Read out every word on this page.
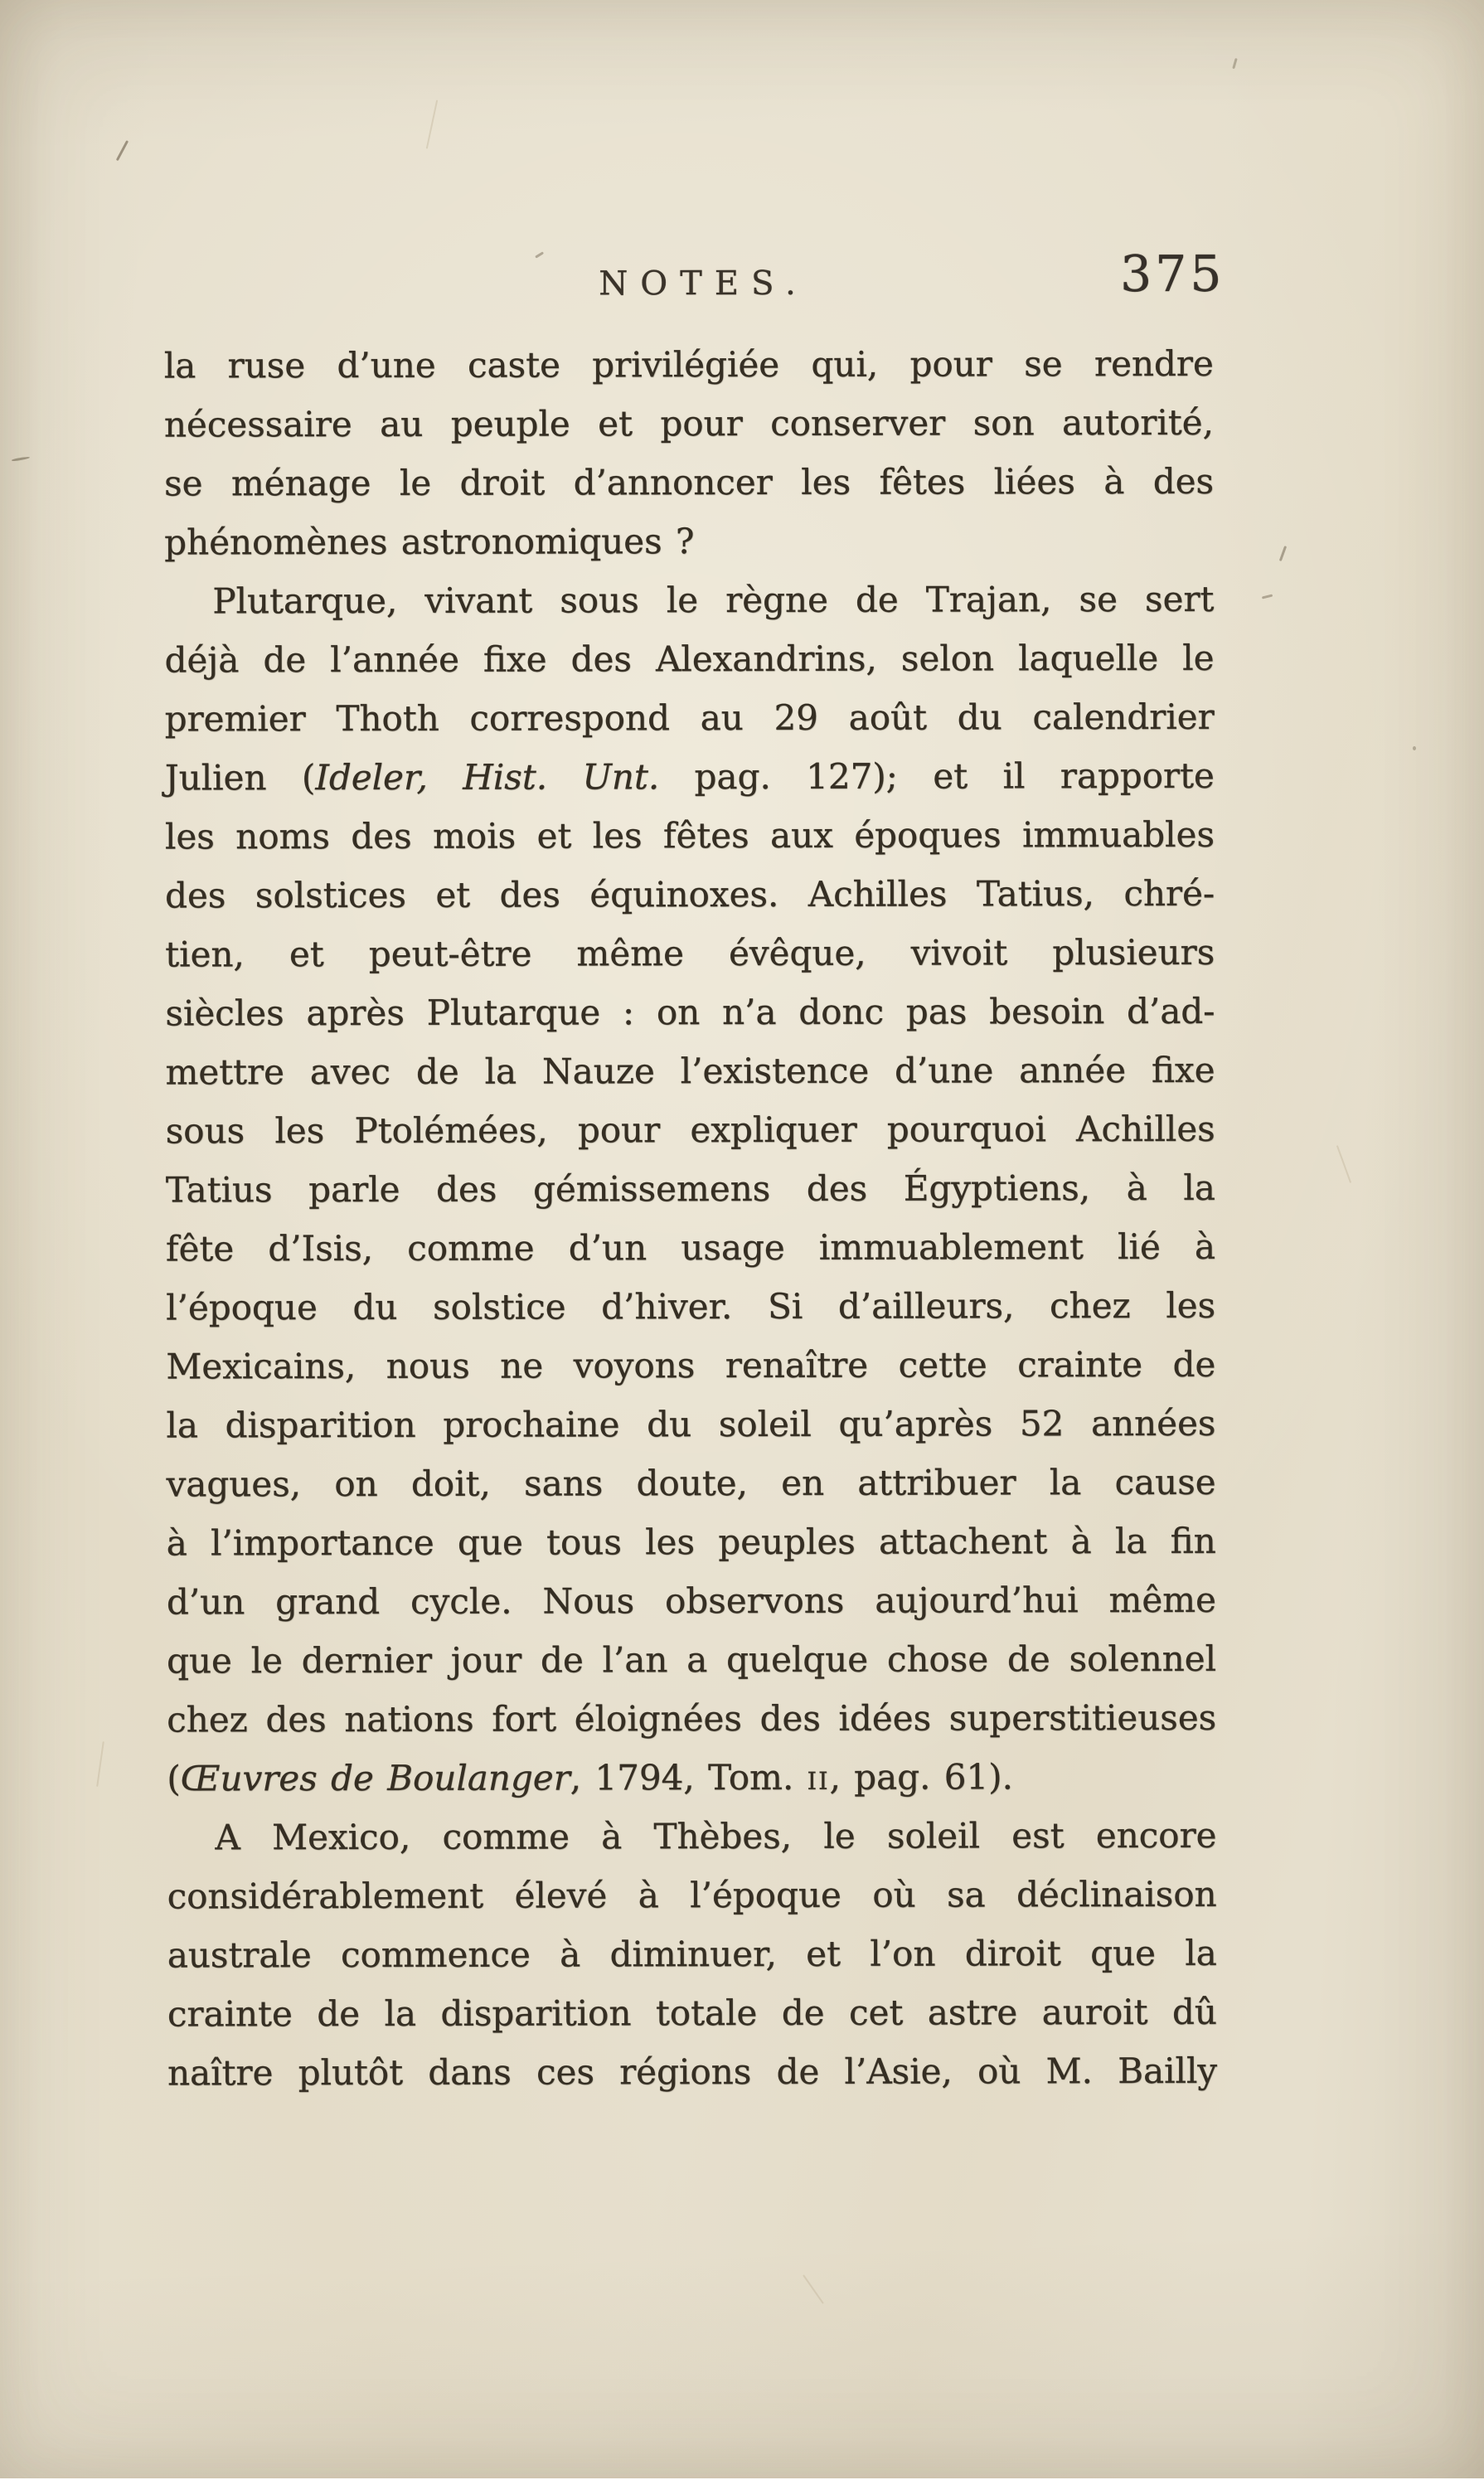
NOTES.	375
la ruse d’une caste privilégiée qui, pour se rendre
nécessaire au peuple et pour conserver son autorité,
se ménage le droit d’annoncer les fêtes liées à des
phénomènes astronomiques ?
Plutarque, vivant sous le règne de Trajan, se sert
déjà de l’année fixe des Alexandrins, selon laquelle le
premier Thoth correspond au 29 août du calendrier
Julien (Ideler, Hist. Unt. pag. 127); et il rapporte
les noms des mois et les fêtes aux époques immuables
des solstices et des équinoxes. Achilles Tatius, chré-
tien, et peut-être même évêque, vivoit plusieurs
siècles après Plutarque : on n’a donc pas besoin d’ad-
mettre avec de la Nauze l’existence d’une année fixe
sous les Ptolémées, pour expliquer pourquoi Achilles
Tatius parle des gémissemens des Égyptiens, à la
fête d’Isis, comme d’un usage immuablement lié à
l’époque du solstice d’hiver. Si d’ailleurs, chez les
Mexicains, nous ne voyons renaître cette crainte de
la disparition prochaine du soleil qu’après 52 années
vagues, on doit, sans doute, en attribuer la cause
à l’importance que tous les peuples attachent à la fin
d’un grand cycle. Nous observons aujourd’hui même
que le dernier jour de l’an a quelque chose de solennel
chez des nations fort éloignées des idées superstitieuses
(Œuvres de Boulanger, 1794, Tom. ii, pag. 61).
A Mexico, comme à Thèbes, le soleil est encore
considérablement élevé à l’époque où sa déclinaison
australe commence à diminuer, et l’on diroit que la
crainte de la disparition totale de cet astre auroit dû
naître plutôt dans ces régions de l’Asie, où M. Bailly
